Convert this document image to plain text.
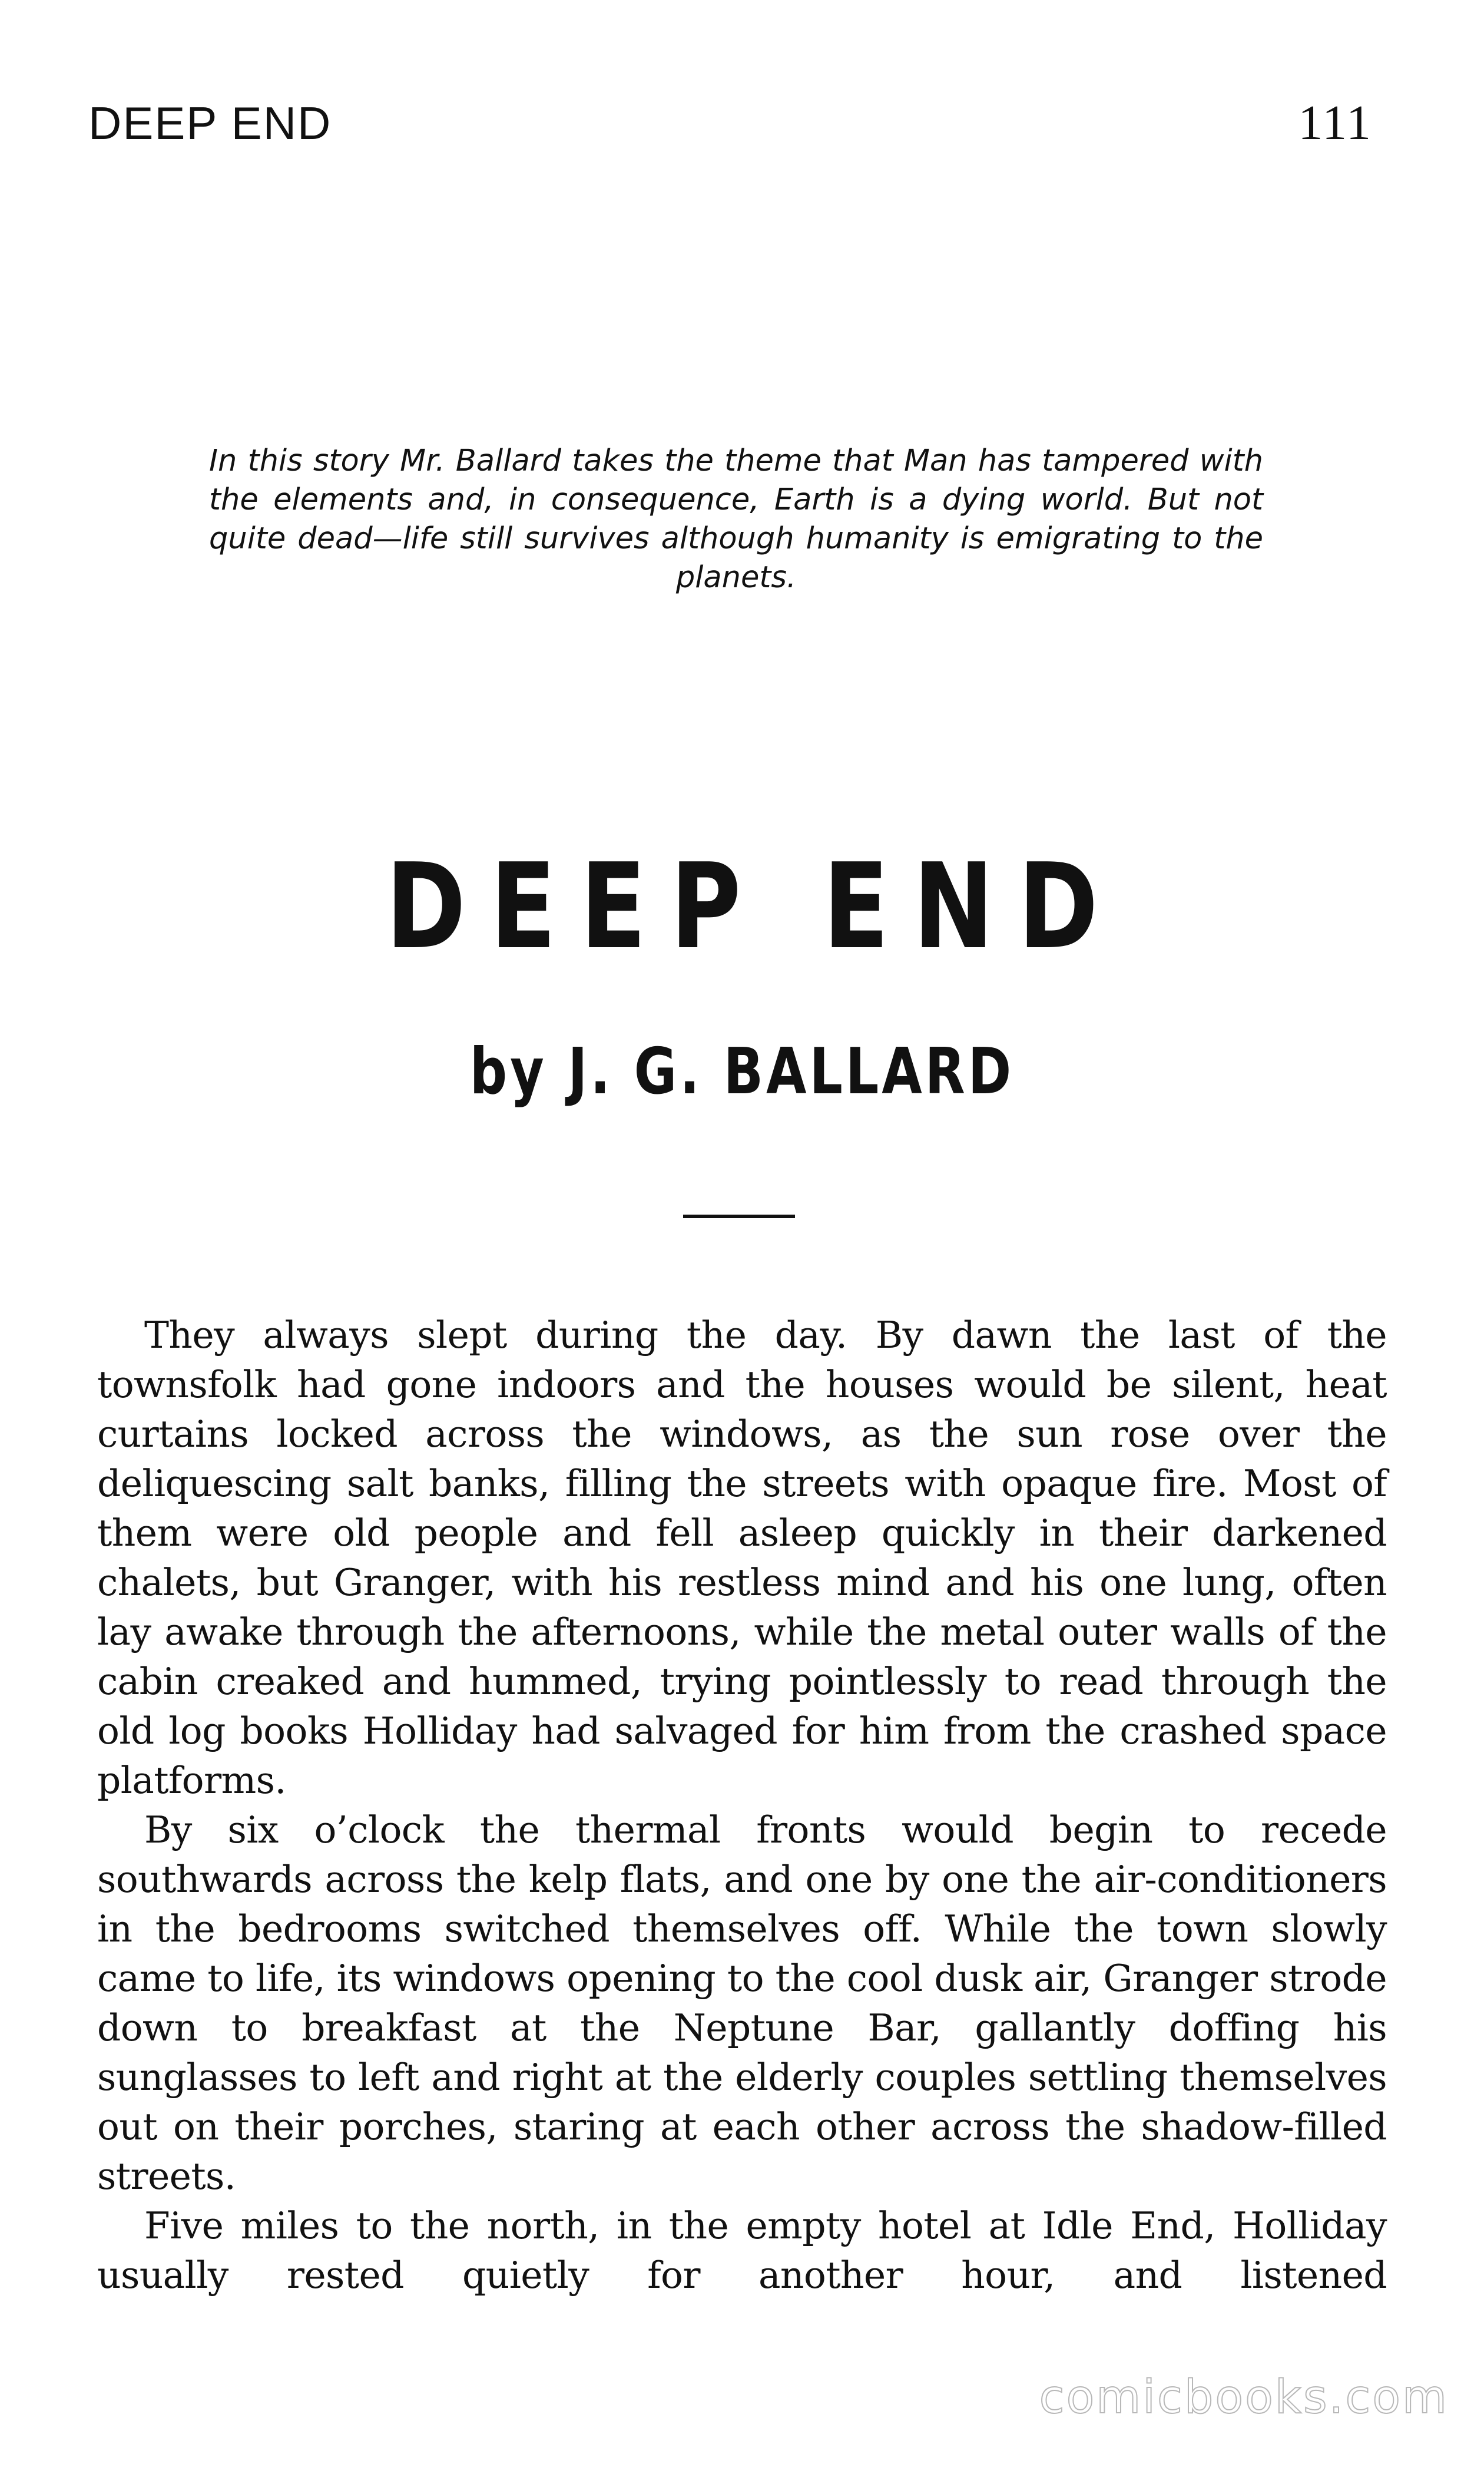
DEEP END	111
In this story Mr. Ballard takes the theme that Man has tampered with the elements and, in consequence, Earth is a dying world. But not quite dead—life still survives although humanity is emigrating to the planets.
DEEP END
by J. G. BALLARD

They always slept during the day. By dawn the last of the townsfolk had gone indoors and the houses would be silent, heat curtains locked across the windows, as the sun rose over the deliquescing salt banks, filling the streets with opaque fire. Most of them were old people and fell asleep quickly in their darkened chalets, but Granger, with his restless mind and his one lung, often lay awake through the afternoons, while the metal outer walls of the cabin creaked and hummed, trying pointlessly to read through the old log books Holliday had salvaged for him from the crashed space platforms.

By six o’clock the thermal fronts would begin to recede southwards across the kelp flats, and one by one the air-conditioners in the bedrooms switched themselves off. While the town slowly came to life, its windows opening to the cool dusk air, Granger strode down to breakfast at the Neptune Bar, gallantly doffing his sunglasses to left and right at the elderly couples settling themselves out on their porches, staring at each other across the shadow-filled streets.

Five miles to the north, in the empty hotel at Idle End, Holliday usually rested quietly for another hour, and listened

comicbooks.com
